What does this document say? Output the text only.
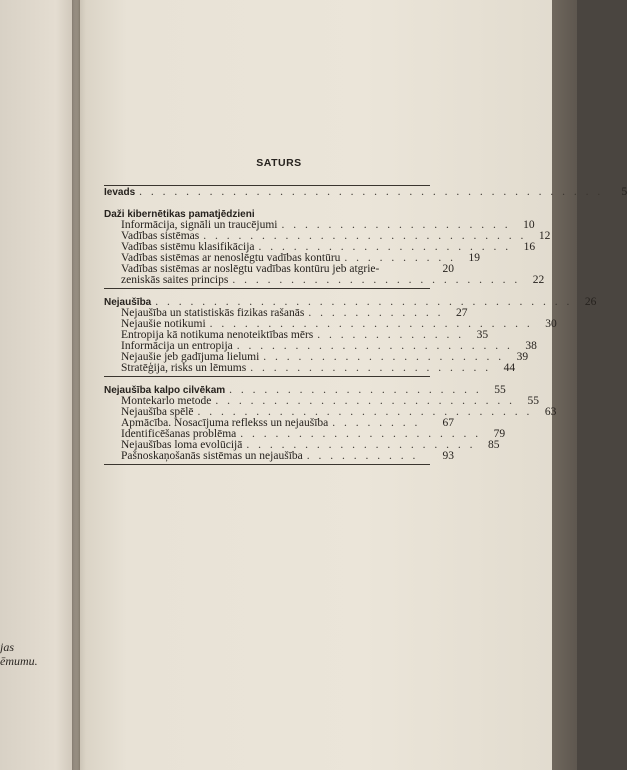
jas
ēmumu.
SATURS
Ievads . . . . . . . . . . . . . . . . . . . . . . . . . . . . . . . . . . . . . . . .	5
Daži kibernētikas pamatjēdzieni
Informācija, signāli un traucējumi . . . . . . . . . . . . . . . . . . . .	10
Vadības sistēmas . . . . . . . . . . . . . . . . . . . . . . . . . . . .	12
Vadības sistēmu klasifikācija . . . . . . . . . . . . . . . . . . . . . .	16
Vadības sistēmas ar nenoslēgtu vadības kontūru . . . . . . . . . .	19
Vadības sistēmas ar noslēgtu vadības kontūru jeb atgrie-	20
zeniskās saites princips . . . . . . . . . . . . . . . . . . . . . . . . .	22
Nejaušība . . . . . . . . . . . . . . . . . . . . . . . . . . . . . . . . . . . .	26
Nejaušība un statistiskās fizikas rašanās . . . . . . . . . . . .	27
Nejaušie notikumi . . . . . . . . . . . . . . . . . . . . . . . . . . . .	30
Entropija kā notikuma nenoteiktības mērs . . . . . . . . . . . . .	35
Informācija un entropija . . . . . . . . . . . . . . . . . . . . . . . .	38
Nejaušie jeb gadījuma lielumi . . . . . . . . . . . . . . . . . . . . .	39
Stratēģija, risks un lēmums . . . . . . . . . . . . . . . . . . . . .	44
Nejaušība kalpo cilvēkam . . . . . . . . . . . . . . . . . . . . . .	55
Montekarlo metode . . . . . . . . . . . . . . . . . . . . . . . . . .	55
Nejaušība spēlē . . . . . . . . . . . . . . . . . . . . . . . . . . . . .	63
Apmācība. Nosacījuma reflekss un nejaušība . . . . . . . .	67
Identificēšanas problēma . . . . . . . . . . . . . . . . . . . . .	79
Nejaušības loma evolūcijā . . . . . . . . . . . . . . . . . . . .	85
Pašnoskaņošanās sistēmas un nejaušība . . . . . . . . . .	93
